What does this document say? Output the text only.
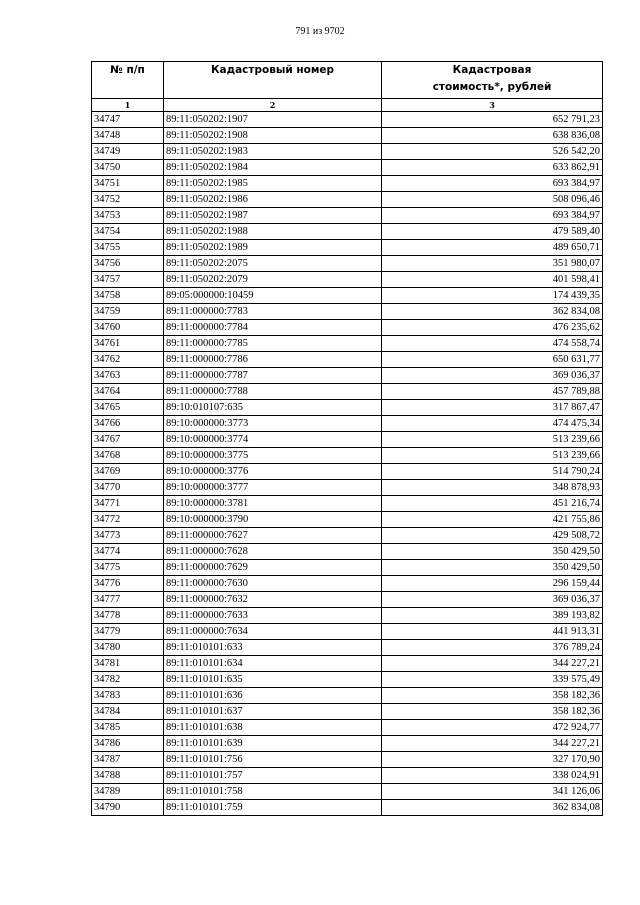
791 из 9702
№ п/п	Кадастровый номер	Кадастровая стоимость*, рублей
1	2	3
34747	89:11:050202:1907	652 791,23
34748	89:11:050202:1908	638 836,08
34749	89:11:050202:1983	526 542,20
34750	89:11:050202:1984	633 862,91
34751	89:11:050202:1985	693 384,97
34752	89:11:050202:1986	508 096,46
34753	89:11:050202:1987	693 384,97
34754	89:11:050202:1988	479 589,40
34755	89:11:050202:1989	489 650,71
34756	89:11:050202:2075	351 980,07
34757	89:11:050202:2079	401 598,41
34758	89:05:000000:10459	174 439,35
34759	89:11:000000:7783	362 834,08
34760	89:11:000000:7784	476 235,62
34761	89:11:000000:7785	474 558,74
34762	89:11:000000:7786	650 631,77
34763	89:11:000000:7787	369 036,37
34764	89:11:000000:7788	457 789,88
34765	89:10:010107:635	317 867,47
34766	89:10:000000:3773	474 475,34
34767	89:10:000000:3774	513 239,66
34768	89:10:000000:3775	513 239,66
34769	89:10:000000:3776	514 790,24
34770	89:10:000000:3777	348 878,93
34771	89:10:000000:3781	451 216,74
34772	89:10:000000:3790	421 755,86
34773	89:11:000000:7627	429 508,72
34774	89:11:000000:7628	350 429,50
34775	89:11:000000:7629	350 429,50
34776	89:11:000000:7630	296 159,44
34777	89:11:000000:7632	369 036,37
34778	89:11:000000:7633	389 193,82
34779	89:11:000000:7634	441 913,31
34780	89:11:010101:633	376 789,24
34781	89:11:010101:634	344 227,21
34782	89:11:010101:635	339 575,49
34783	89:11:010101:636	358 182,36
34784	89:11:010101:637	358 182,36
34785	89:11:010101:638	472 924,77
34786	89:11:010101:639	344 227,21
34787	89:11:010101:756	327 170,90
34788	89:11:010101:757	338 024,91
34789	89:11:010101:758	341 126,06
34790	89:11:010101:759	362 834,08
